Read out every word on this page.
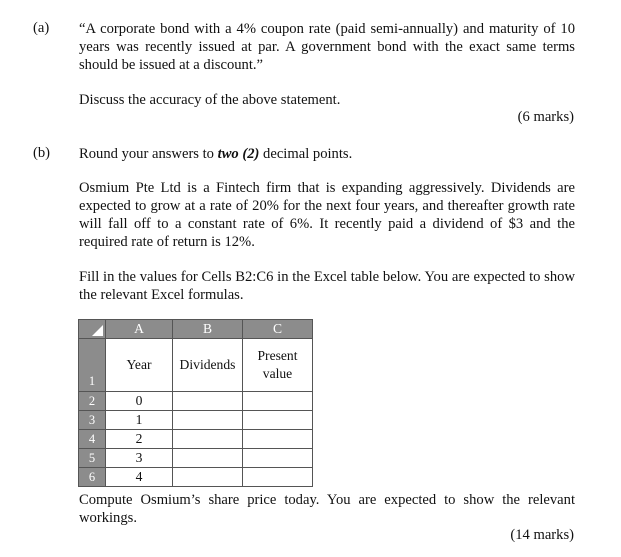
(a) “A corporate bond with a 4% coupon rate (paid semi-annually) and maturity of 10 years was recently issued at par. A government bond with the exact same terms should be issued at a discount.”

Discuss the accuracy of the above statement.

(6 marks)

(b) Round your answers to two (2) decimal points.

Osmium Pte Ltd is a Fintech firm that is expanding aggressively. Dividends are expected to grow at a rate of 20% for the next four years, and thereafter growth rate will fall off to a constant rate of 6%. It recently paid a dividend of $3 and the required rate of return is 12%.

Fill in the values for Cells B2:C6 in the Excel table below. You are expected to show the relevant Excel formulas.

	A	B	C
1	Year	Dividends	Present
value
2	0		
3	1		
4	2		
5	3		
6	4		

Compute Osmium’s share price today. You are expected to show the relevant workings.

(14 marks)
